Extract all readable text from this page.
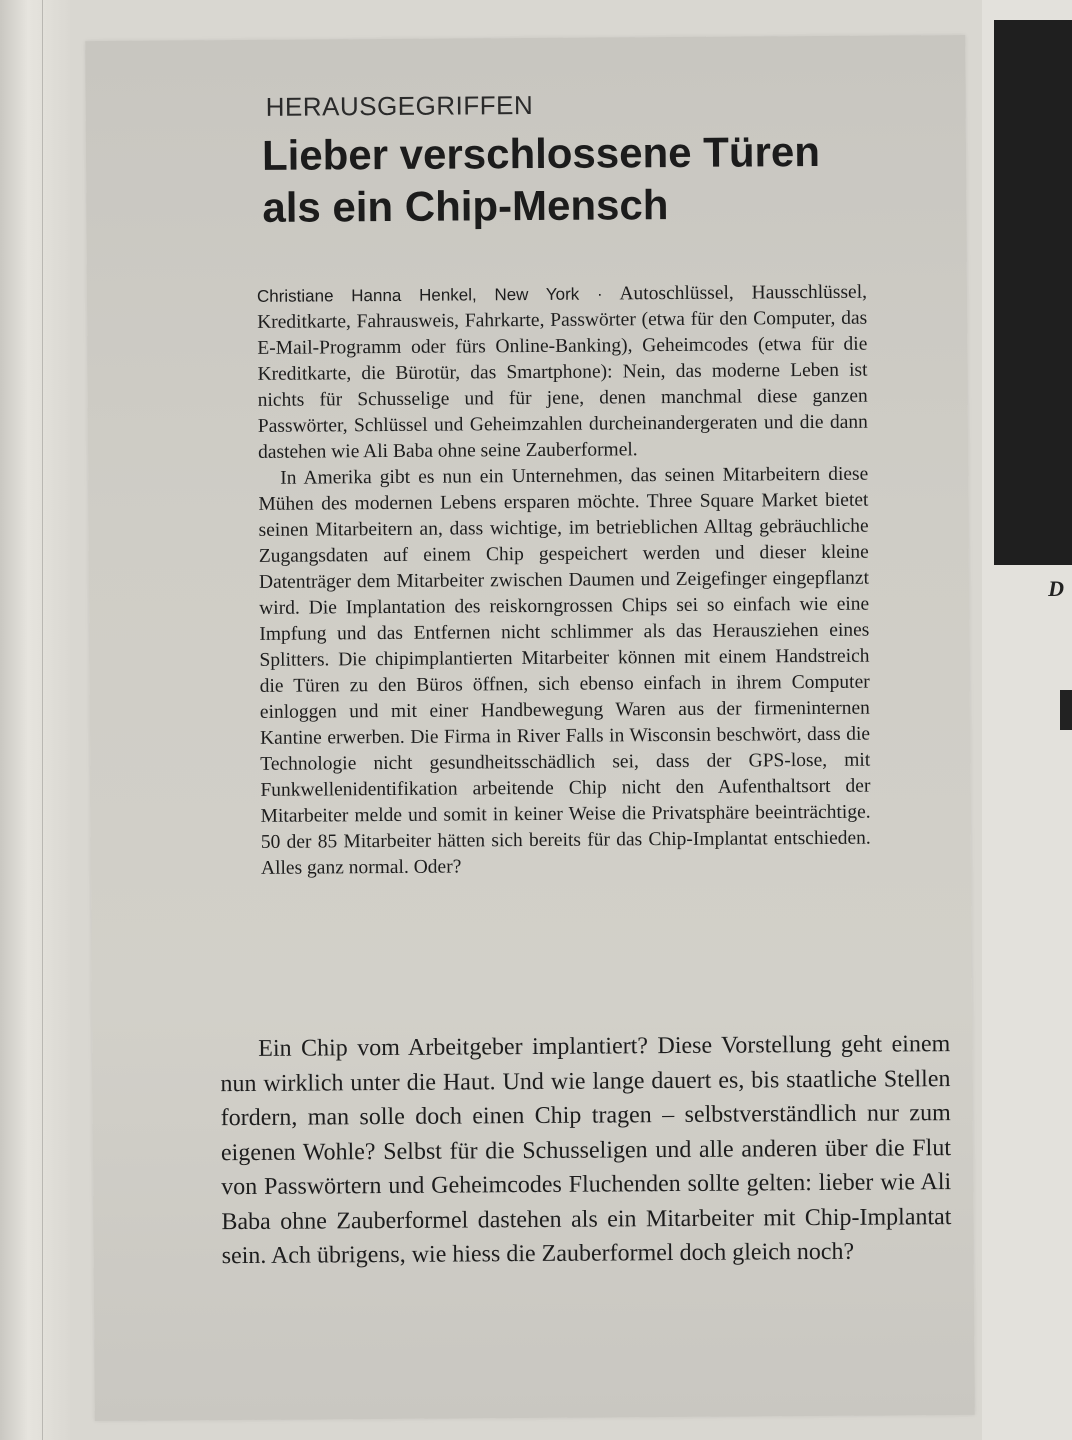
D
HERAUSGEGRIFFEN
Lieber verschlossene Türen
als ein Chip-Mensch

Christiane Hanna Henkel, New York · Autoschlüssel, Hausschlüssel, Kreditkarte, Fahrausweis, Fahrkarte, Passwörter (etwa für den Computer, das E-Mail-Programm oder fürs Online-Banking), Geheimcodes (etwa für die Kreditkarte, die Bürotür, das Smartphone): Nein, das moderne Leben ist nichts für Schusselige und für jene, denen manchmal diese ganzen Passwörter, Schlüssel und Geheimzahlen durcheinandergeraten und die dann dastehen wie Ali Baba ohne seine Zauberformel.

In Amerika gibt es nun ein Unternehmen, das seinen Mitarbeitern diese Mühen des modernen Lebens ersparen möchte. Three Square Market bietet seinen Mitarbeitern an, dass wichtige, im betrieblichen Alltag gebräuchliche Zugangsdaten auf einem Chip gespeichert werden und dieser kleine Datenträger dem Mitarbeiter zwischen Daumen und Zeigefinger eingepflanzt wird. Die Implantation des reiskorngrossen Chips sei so einfach wie eine Impfung und das Entfernen nicht schlimmer als das Herausziehen eines Splitters. Die chipimplantierten Mitarbeiter können mit einem Handstreich die Türen zu den Büros öffnen, sich ebenso einfach in ihrem Computer einloggen und mit einer Handbewegung Waren aus der firmeninternen Kantine erwerben. Die Firma in River Falls in Wisconsin beschwört, dass die Technologie nicht gesundheitsschädlich sei, dass der GPS-lose, mit Funkwellenidentifikation arbeitende Chip nicht den Aufenthaltsort der Mitarbeiter melde und somit in keiner Weise die Privatsphäre beeinträchtige. 50 der 85 Mitarbeiter hätten sich bereits für das Chip-Implantat entschieden. Alles ganz normal. Oder?

Ein Chip vom Arbeitgeber implantiert? Diese Vorstellung geht einem nun wirklich unter die Haut. Und wie lange dauert es, bis staatliche Stellen fordern, man solle doch einen Chip tragen – selbstverständlich nur zum eigenen Wohle? Selbst für die Schusseligen und alle anderen über die Flut von Passwörtern und Geheimcodes Fluchenden sollte gelten: lieber wie Ali Baba ohne Zauberformel dastehen als ein Mitarbeiter mit Chip-Implantat sein. Ach übrigens, wie hiess die Zauberformel doch gleich noch?
